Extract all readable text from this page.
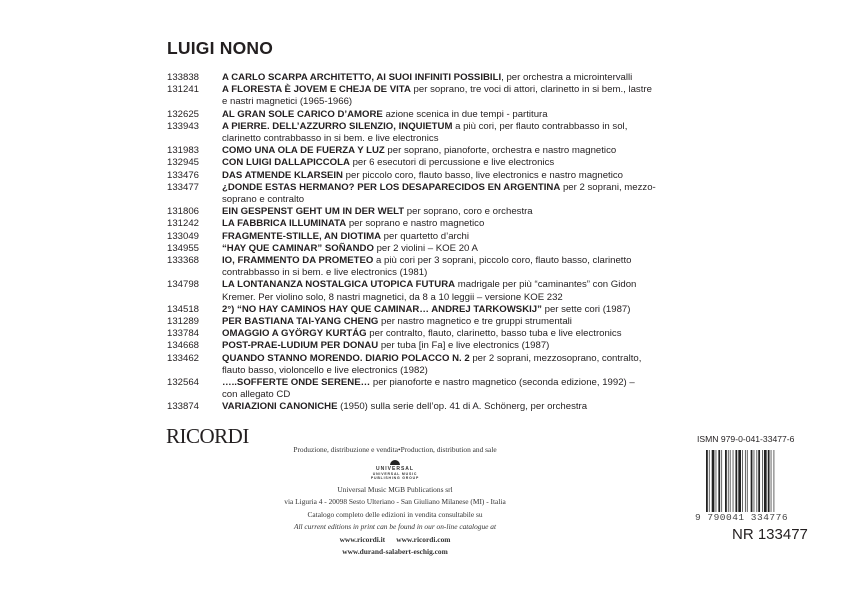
LUIGI NONO
133838	A CARLO SCARPA ARCHITETTO, AI SUOI INFINITI POSSIBILI, per orchestra a microintervalli
131241	A FLORESTA È JOVEM E CHEJA DE VITA per soprano, tre voci di attori, clarinetto in si bem., lastre
e nastri magnetici (1965-1966)
132625	AL GRAN SOLE CARICO D’AMORE azione scenica in due tempi - partitura
133943	A PIERRE. DELL’AZZURRO SILENZIO, INQUIETUM a più cori, per flauto contrabbasso in sol,
clarinetto contrabbasso in si bem. e live electronics
131983	COMO UNA OLA DE FUERZA Y LUZ per soprano, pianoforte, orchestra e nastro magnetico
132945	CON LUIGI DALLAPICCOLA per 6 esecutori di percussione e live electronics
133476	DAS ATMENDE KLARSEIN per piccolo coro, flauto basso, live electronics e nastro magnetico
133477	¿DONDE ESTAS HERMANO? PER LOS DESAPARECIDOS EN ARGENTINA per 2 soprani, mezzo-
soprano e contralto
131806	EIN GESPENST GEHT UM IN DER WELT per soprano, coro e orchestra
131242	LA FABBRICA ILLUMINATA per soprano e nastro magnetico
133049	FRAGMENTE-STILLE, AN DIOTIMA per quartetto d’archi
134955	“HAY QUE CAMINAR” SOÑANDO per 2 violini – KOE 20 A
133368	IO, FRAMMENTO DA PROMETEO a più cori per 3 soprani, piccolo coro, flauto basso, clarinetto
contrabbasso in si bem. e live electronics (1981)
134798	LA LONTANANZA NOSTALGICA UTOPICA FUTURA madrigale per più “caminantes” con Gidon
Kremer. Per violino solo, 8 nastri magnetici, da 8 a 10 leggii – versione KOE 232
134518	2°) “NO HAY CAMINOS HAY QUE CAMINAR… ANDREJ TARKOWSKIJ” per sette cori (1987)
131289	PER BASTIANA TAI-YANG CHENG per nastro magnetico e tre gruppi strumentali
133784	OMAGGIO A GYÖRGY KURTÁG per contralto, flauto, clarinetto, basso tuba e live electronics
134668	POST-PRAE-LUDIUM PER DONAU per tuba [in Fa] e live electronics (1987)
133462	QUANDO STANNO MORENDO. DIARIO POLACCO N. 2 per 2 soprani, mezzosoprano, contralto,
flauto basso, violoncello e live electronics (1982)
132564	…..SOFFERTE ONDE SERENE… per pianoforte e nastro magnetico (seconda edizione, 1992) –
con allegato CD
133874	VARIAZIONI CANONICHE (1950) sulla serie dell’op. 41 di A. Schönerg, per orchestra
RICORDI
Produzione, distribuzione e vendita•Production, distribution and sale
UNIVERSAL
UNIVERSAL MUSIC
PUBLISHING GROUP
Universal Music MGB Publications srl
via Liguria 4 - 20098 Sesto Ulteriano - San Giuliano Milanese (MI) - Italia
Catalogo completo delle edizioni in vendita consultabile su
All current editions in print can be found in our on-line catalogue at
www.ricordi.it www.ricordi.com
www.durand-salabert-eschig.com
ISMN 979-0-041-33477-6
9 790041 334776
NR 133477
